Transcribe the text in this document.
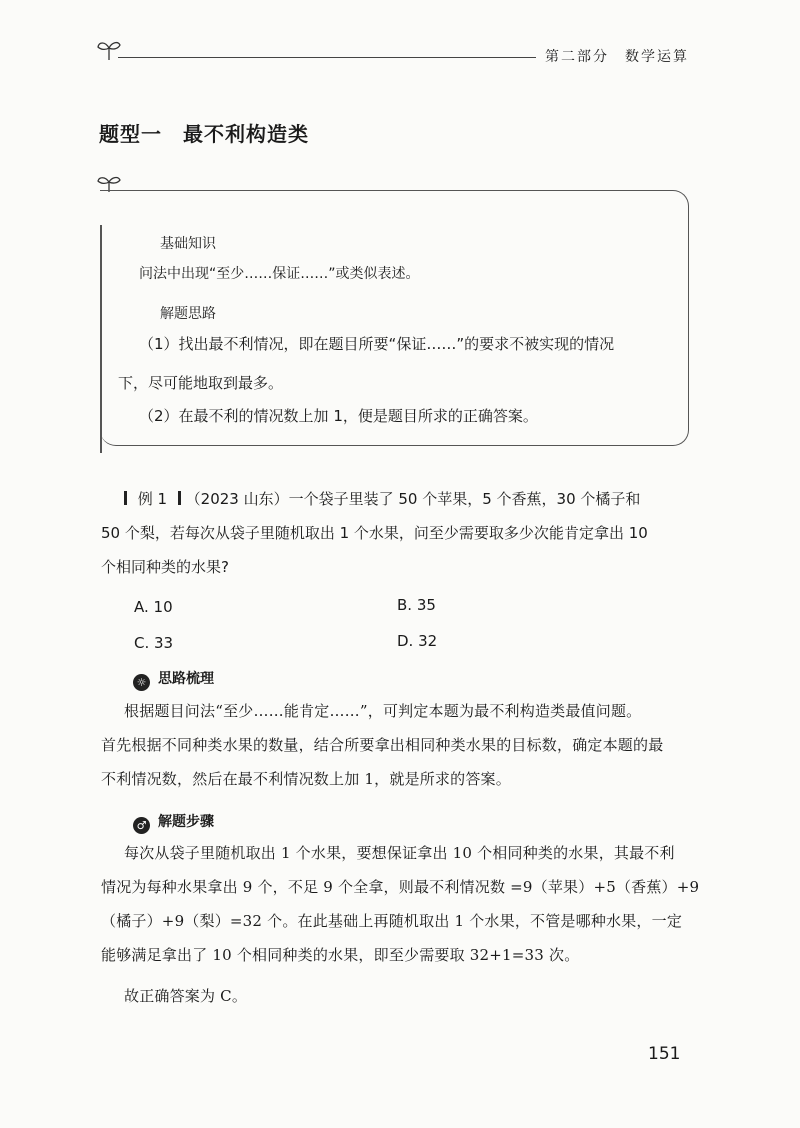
第二部分　数学运算
题型一　最不利构造类
基础知识
问法中出现“至少……保证……”或类似表述。
解题思路
（1）找出最不利情况，即在题目所要“保证……”的要求不被实现的情况
下，尽可能地取到最多。
（2）在最不利的情况数上加 1，便是题目所求的正确答案。
例 1 （2023 山东）一个袋子里装了 50 个苹果，5 个香蕉，30 个橘子和
50 个梨，若每次从袋子里随机取出 1 个水果，问至少需要取多少次能肯定拿出 10
个相同种类的水果?
A. 10	B. 35
C. 33	D. 32
☼ 思路梳理
根据题目问法“至少……能肯定……”，可判定本题为最不利构造类最值问题。
首先根据不同种类水果的数量，结合所要拿出相同种类水果的目标数，确定本题的最
不利情况数，然后在最不利情况数上加 1，就是所求的答案。
♂ 解题步骤
每次从袋子里随机取出 1 个水果，要想保证拿出 10 个相同种类的水果，其最不利
情况为每种水果拿出 9 个，不足 9 个全拿，则最不利情况数 =9（苹果）+5（香蕉）+9
（橘子）+9（梨）=32 个。在此基础上再随机取出 1 个水果，不管是哪种水果，一定
能够满足拿出了 10 个相同种类的水果，即至少需要取 32+1=33 次。
故正确答案为 C。
151
